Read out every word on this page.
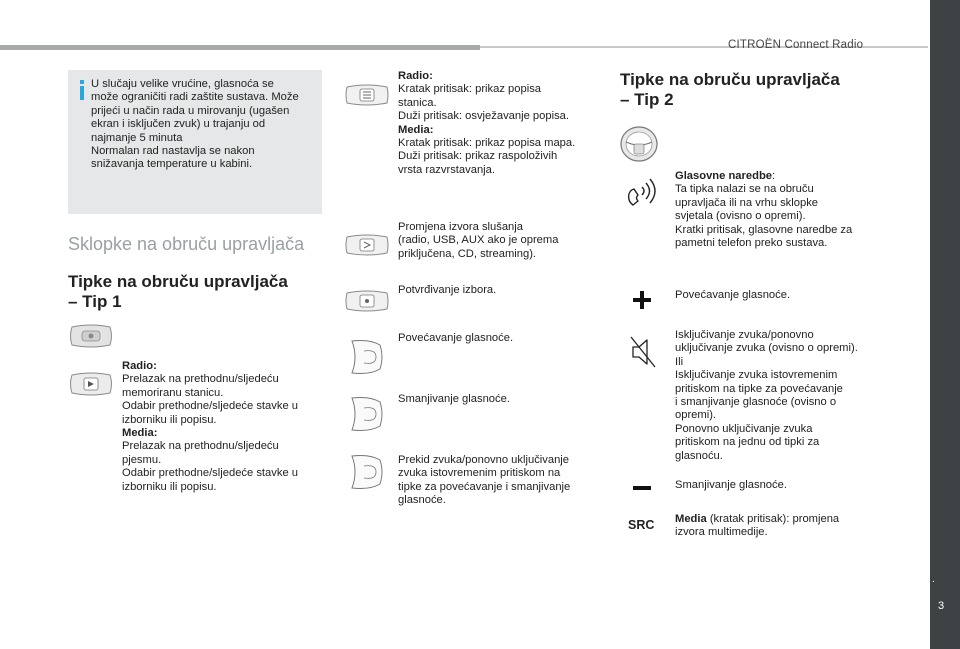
CITROËN Connect Radio
.
3
U slučaju velike vrućine, glasnoća se
može ograničiti radi zaštite sustava. Može
prijeći u način rada u mirovanju (ugašen
ekran i isključen zvuk) u trajanju od
najmanje 5 minuta
Normalan rad nastavlja se nakon
snižavanja temperature u kabini.
Sklopke na obruču upravljača
Tipke na obruču upravljača
– Tip 1
Radio:
Prelazak na prethodnu/sljedeću
memoriranu stanicu.
Odabir prethodne/sljedeće stavke u
izborniku ili popisu.
Media:
Prelazak na prethodnu/sljedeću
pjesmu.
Odabir prethodne/sljedeće stavke u
izborniku ili popisu.
Radio:
Kratak pritisak: prikaz popisa
stanica.
Duži pritisak: osvježavanje popisa.
Media:
Kratak pritisak: prikaz popisa mapa.
Duži pritisak: prikaz raspoloživih
vrsta razvrstavanja.
Promjena izvora slušanja
(radio, USB, AUX ako je oprema
priključena, CD, streaming).
Potvrđivanje izbora.
Povećavanje glasnoće.
Smanjivanje glasnoće.
Prekid zvuka/ponovno uključivanje
zvuka istovremenim pritiskom na
tipke za povećavanje i smanjivanje
glasnoće.
Tipke na obruču upravljača
– Tip 2
Glasovne naredbe:
Ta tipka nalazi se na obruču
upravljača ili na vrhu sklopke
svjetala (ovisno o opremi).
Kratki pritisak, glasovne naredbe za
pametni telefon preko sustava.
Povećavanje glasnoće.
Isključivanje zvuka/ponovno
uključivanje zvuka (ovisno o opremi).
Ili
Isključivanje zvuka istovremenim
pritiskom na tipke za povećavanje
i smanjivanje glasnoće (ovisno o
opremi).
Ponovno uključivanje zvuka
pritiskom na jednu od tipki za
glasnoću.
Smanjivanje glasnoće.
SRC Media (kratak pritisak): promjena
izvora multimedije.
